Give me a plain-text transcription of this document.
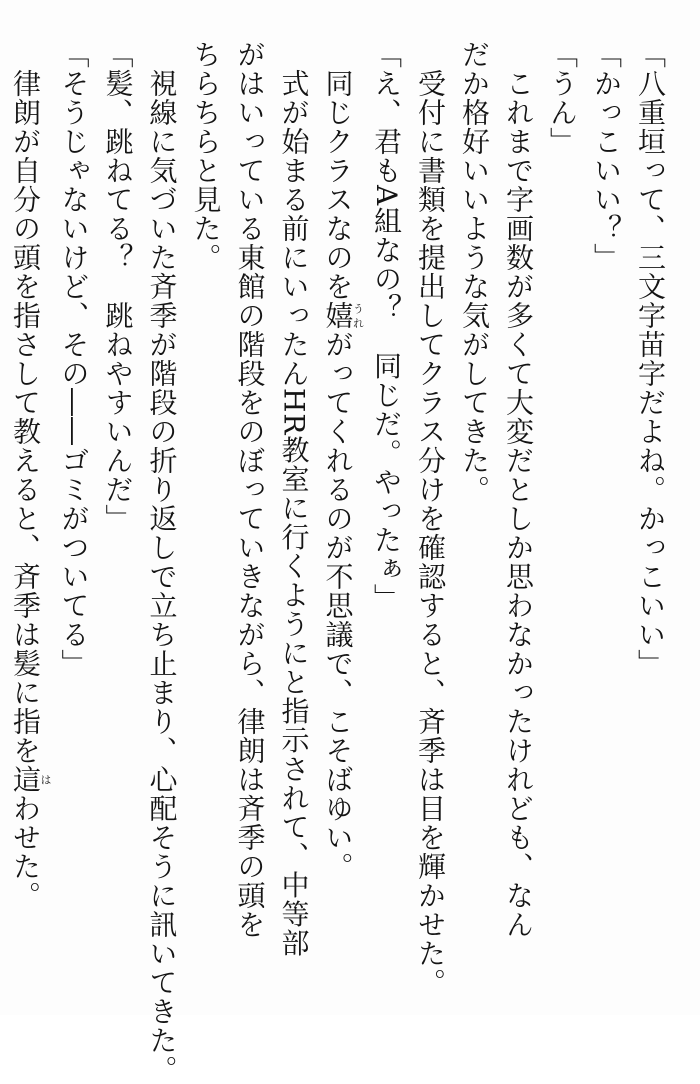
「八重垣って、三文字苗字だよね。かっこいい」
「かっこいい？」
「うん」
　これまで字画数が多くて大変だとしか思わなかったけれども、なんだか格好いいような気がしてきた。
　受付に書類を提出してクラス分けを確認すると、斉季は目を輝かせた。
「え、君もA組なの？　同じだ。やったぁ」
　同じクラスなのを嬉うれがってくれるのが不思議で、こそばゆい。
　式が始まる前にいったんHR教室に行くようにと指示されて、中等部がはいっている東館の階段をのぼっていきながら、律朗は斉季の頭をちらちらと見た。
　視線に気づいた斉季が階段の折り返しで立ち止まり、心配そうに訊いてきた。
「髪、跳ねてる？　跳ねやすいんだ」
「そうじゃないけど、その――ゴミがついてる」
　律朗が自分の頭を指さして教えると、斉季は髪に指を這はわせた。
